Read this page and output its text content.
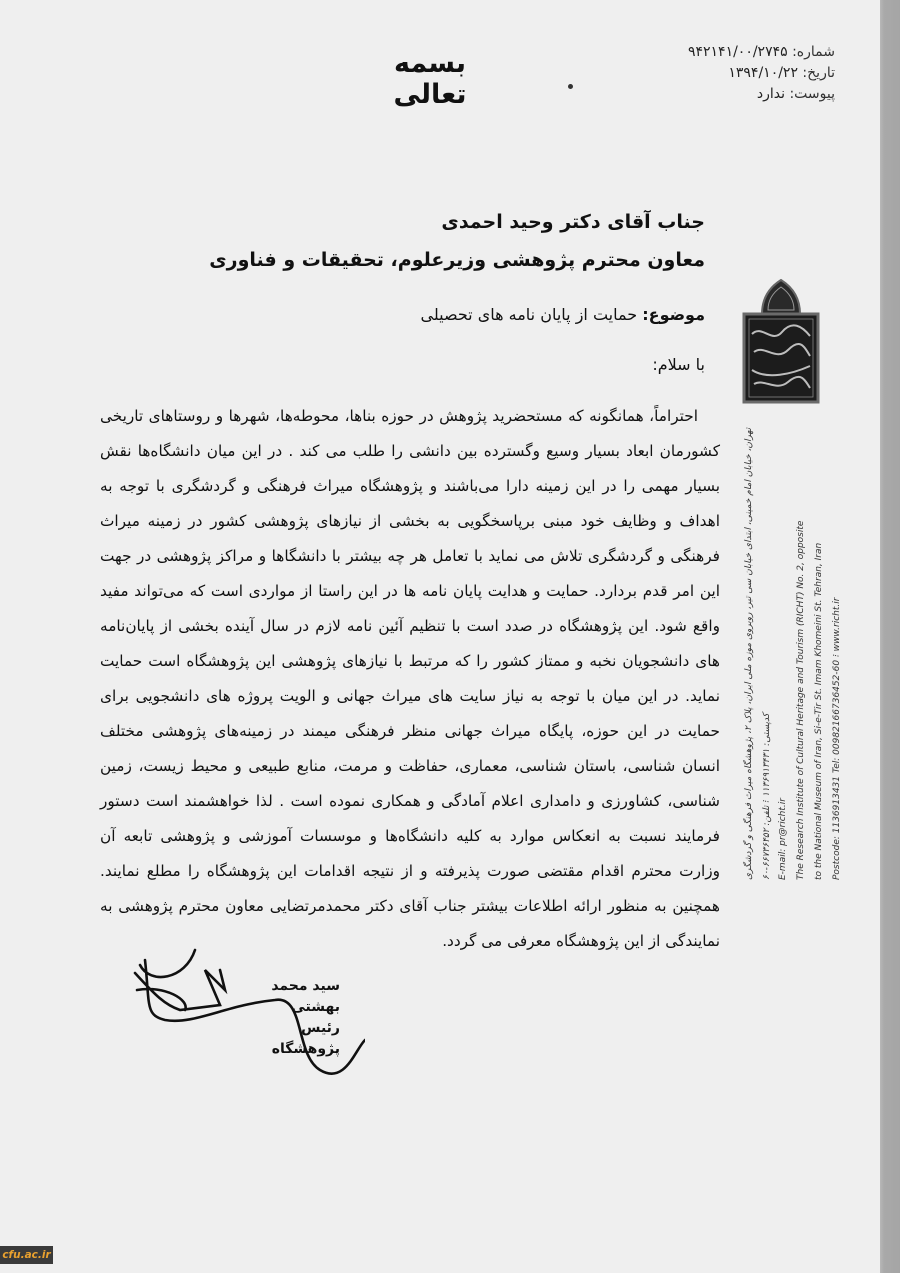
بسمه تعالی
شماره: ۹۴۲۱۴۱/۰۰/۲۷۴۵
تاریخ: ۱۳۹۴/۱۰/۲۲
پیوست: ندارد
جناب آقای دکتر وحید احمدی
معاون محترم پژوهشی وزیرعلوم، تحقیقات و فناوری
موضوع: حمایت از پایان نامه های تحصیلی
با سلام:

احتراماً، همانگونه که مستحضرید پژوهش در حوزه بناها، محوطه‌ها، شهرها و روستاهای تاریخی کشورمان ابعاد بسیار وسیع وگسترده بین دانشی را طلب می کند . در این میان دانشگاه‌ها نقش بسیار مهمی را در این زمینه دارا می‌باشند و پژوهشگاه میراث فرهنگی و گردشگری با توجه به اهداف و وظایف خود مبنی برپاسخگویی به بخشی از نیازهای پژوهشی کشور در زمینه میراث فرهنگی و گردشگری تلاش می نماید با تعامل هر چه بیشتر با دانشگاها و مراکز پژوهشی در جهت این امر قدم بردارد. حمایت و هدایت پایان نامه ها در این راستا از مواردی است که می‌تواند مفید واقع شود. این پژوهشگاه در صدد است با تنظیم آئین نامه لازم در سال آینده بخشی از پایان‌نامه های دانشجویان نخبه و ممتاز کشور را که مرتبط با نیازهای پژوهشی این پژوهشگاه است حمایت نماید. در این میان با توجه به نیاز سایت های میراث جهانی و الویت پروژه های دانشجویی برای حمایت در این حوزه، پایگاه میراث جهانی منظر فرهنگی میمند در زمینه‌های پژوهشی مختلف انسان شناسی، باستان شناسی، معماری، حفاظت و مرمت، منابع طبیعی و محیط زیست، زمین شناسی، کشاورزی و دامداری اعلام آمادگی و همکاری نموده است . لذا خواهشمند است دستور فرمایند نسبت به انعکاس موارد به کلیه دانشگاه‌ها و موسسات آموزشی و پژوهشی تابعه آن وزارت محترم اقدام مقتضی صورت پذیرفته و از نتیجه اقدامات این پژوهشگاه را مطلع نمایند. همچنین به منظور ارائه اطلاعات بیشتر جناب آقای دکتر محمدمرتضایی معاون محترم پژوهشی به نمایندگی از این پژوهشگاه معرفی می گردد.

سید محمد بهشتی
رئیس پژوهشگاه
تهران، خیابان امام خمینی، ابتدای خیابان سی تیر، روبروی موزه ملی ایران، پلاک ۲، پژوهشگاه میراث فرهنگی و گردشگری
کدپستی: ۱۱۳۶۹۱۳۴۳۱ ⁝ تلفن: ۶۶۷۳۶۴۵۲-۶۰
E-mail: pr@richt.ir The Research Institute of Cultural Heritage and Tourism (RICHT) No. 2, opposite to the National Museum of Iran, Si-e-Tir St. Imam Khomeini St. Tehran, Iran Postcode: 1136913431 Tel: 00982166736452-60 ⁝ www.richt.ir
cfu.ac.ir
